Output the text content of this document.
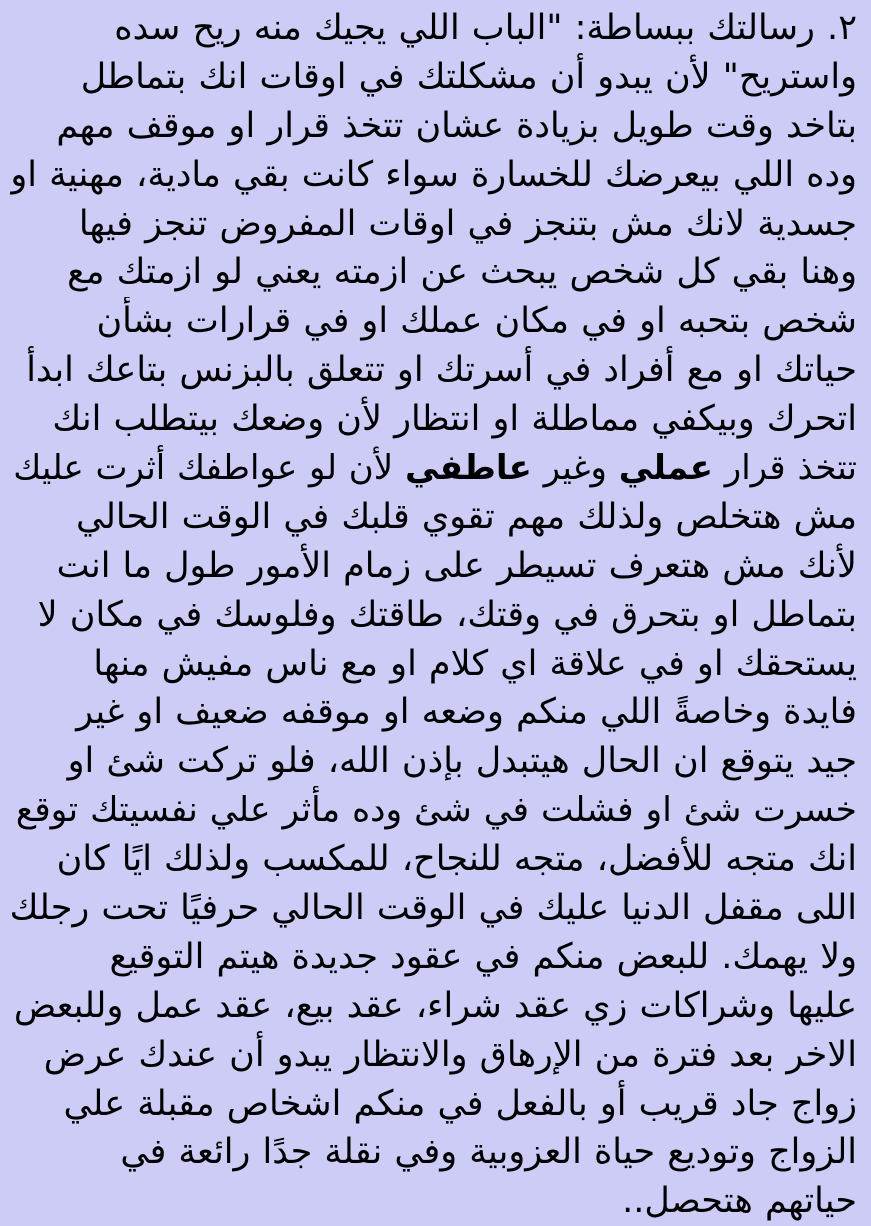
٢. رسالتك ببساطة: "الباب اللي يجيك منه ريح سده
واستريح" لأن يبدو أن مشكلتك في اوقات انك بتماطل
بتاخد وقت طويل بزيادة عشان تتخذ قرار او موقف مهم
وده اللي بيعرضك للخسارة سواء كانت بقي مادية، مهنية او
جسدية لانك مش بتنجز في اوقات المفروض تنجز فيها
وهنا بقي كل شخص يبحث عن ازمته يعني لو ازمتك مع
شخص بتحبه او في مكان عملك او في قرارات بشأن
حياتك او مع أفراد في أسرتك او تتعلق بالبزنس بتاعك ابدأ
اتحرك وبيكفي مماطلة او انتظار لأن وضعك بيتطلب انك
تتخذ قرار عملي وغير عاطفي لأن لو عواطفك أثرت عليك
مش هتخلص ولذلك مهم تقوي قلبك في الوقت الحالي
لأنك مش هتعرف تسيطر على زمام الأمور طول ما انت
بتماطل او بتحرق في وقتك، طاقتك وفلوسك في مكان لا
يستحقك او في علاقة اي كلام او مع ناس مفيش منها
فايدة وخاصةً اللي منكم وضعه او موقفه ضعيف او غير
جيد يتوقع ان الحال هيتبدل بإذن الله، فلو تركت شئ او
خسرت شئ او فشلت في شئ وده مأثر علي نفسيتك توقع
انك متجه للأفضل، متجه للنجاح، للمكسب ولذلك ايًا كان
اللى مقفل الدنيا عليك في الوقت الحالي حرفيًا تحت رجلك
ولا يهمك. للبعض منكم في عقود جديدة هيتم التوقيع
عليها وشراكات زي عقد شراء، عقد بيع، عقد عمل وللبعض
الاخر بعد فترة من الإرهاق والانتظار يبدو أن عندك عرض
زواج جاد قريب أو بالفعل في منكم اشخاص مقبلة علي
الزواج وتوديع حياة العزوبية وفي نقلة جدًا رائعة في
حياتهم هتحصل..
